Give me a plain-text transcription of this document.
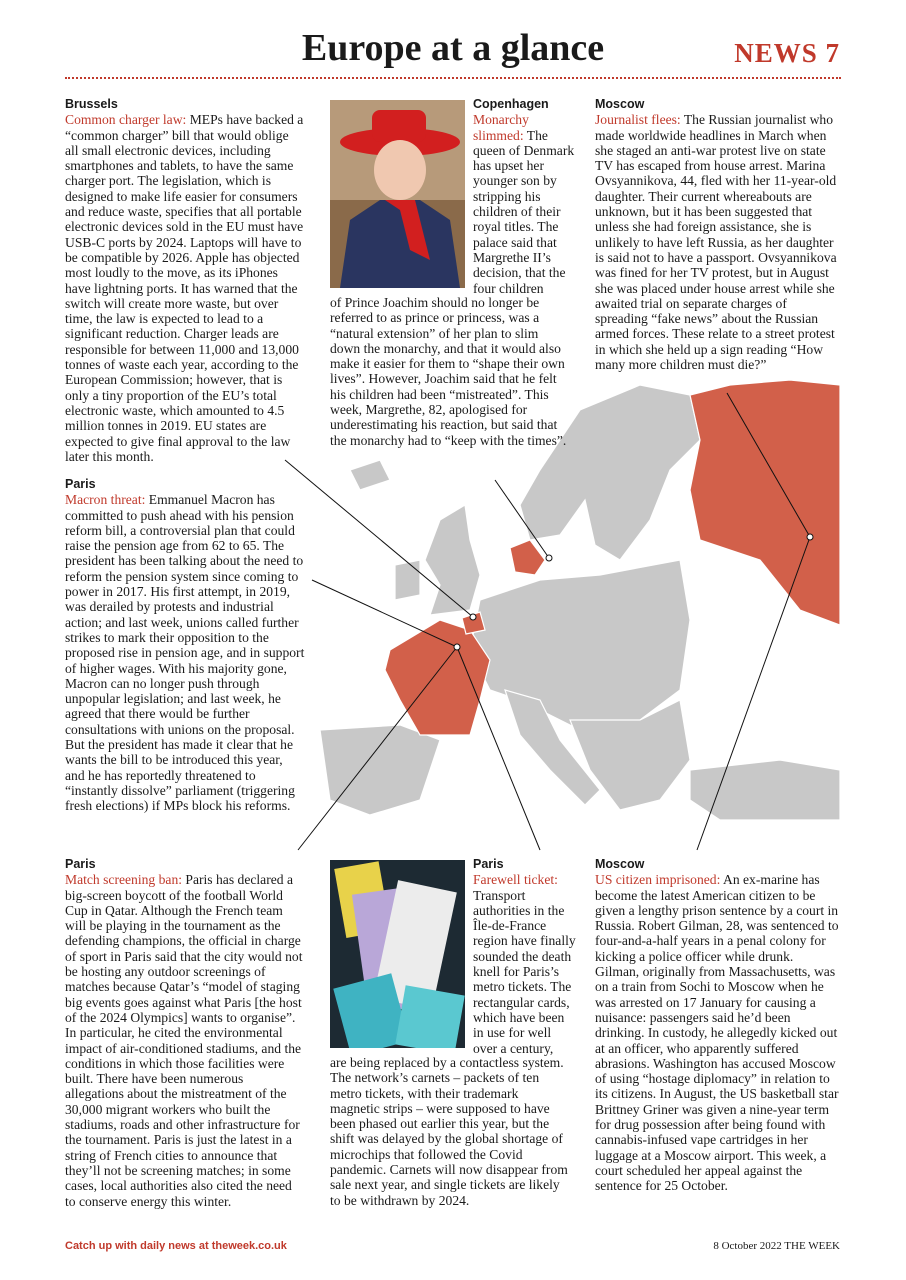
Europe at a glance	NEWS 7
Brussels
Common charger law: MEPs have backed a “common charger” bill that would oblige all small electronic devices, including smartphones and tablets, to have the same charger port. The legislation, which is designed to make life easier for consumers and reduce waste, specifies that all portable electronic devices sold in the EU must have USB-C ports by 2024. Laptops will have to be compatible by 2026. Apple has objected most loudly to the move, as its iPhones have lightning ports. It has warned that the switch will create more waste, but over time, the law is expected to lead to a significant reduction. Charger leads are responsible for between 11,000 and 13,000 tonnes of waste each year, according to the European Commission; however, that is only a tiny proportion of the EU’s total electronic waste, which amounted to 4.5 million tonnes in 2019. EU states are expected to give final approval to the law later this month.
Copenhagen
Monarchy slimmed: The queen of Denmark has upset her younger son by stripping his children of their royal titles. The palace said that Margrethe II’s decision, that the four children
of Prince Joachim should no longer be referred to as prince or princess, was a “natural extension” of her plan to slim down the monarchy, and that it would also make it easier for them to “shape their own lives”. However, Joachim said that he felt his children had been “mistreated”. This week, Margrethe, 82, apologised for underestimating his reaction, but said that the monarchy had to “keep with the times”.
Moscow
Journalist flees: The Russian journalist who made worldwide headlines in March when she staged an anti-war protest live on state TV has escaped from house arrest. Marina Ovsyannikova, 44, fled with her 11-year-old daughter. Their current whereabouts are unknown, but it has been suggested that unless she had foreign assistance, she is unlikely to have left Russia, as her daughter is said not to have a passport. Ovsyannikova was fined for her TV protest, but in August she was placed under house arrest while she awaited trial on separate charges of spreading “fake news” about the Russian armed forces. These relate to a street protest in which she held up a sign reading “How many more children must die?”
Paris
Macron threat: Emmanuel Macron has committed to push ahead with his pension reform bill, a controversial plan that could raise the pension age from 62 to 65. The president has been talking about the need to reform the pension system since coming to power in 2017. His first attempt, in 2019, was derailed by protests and industrial action; and last week, unions called further strikes to mark their opposition to the proposed rise in pension age, and in support of higher wages. With his majority gone, Macron can no longer push through unpopular legislation; and last week, he agreed that there would be further consultations with unions on the proposal. But the president has made it clear that he wants the bill to be introduced this year, and he has reportedly threatened to “instantly dissolve” parliament (triggering fresh elections) if MPs block his reforms.
Paris
Match screening ban: Paris has declared a big-screen boycott of the football World Cup in Qatar. Although the French team will be playing in the tournament as the defending champions, the official in charge of sport in Paris said that the city would not be hosting any outdoor screenings of matches because Qatar’s “model of staging big events goes against what Paris [the host of the 2024 Olympics] wants to organise”. In particular, he cited the environmental impact of air-conditioned stadiums, and the conditions in which those facilities were built. There have been numerous allegations about the mistreatment of the 30,000 migrant workers who built the stadiums, roads and other infrastructure for the tournament. Paris is just the latest in a string of French cities to announce that they’ll not be screening matches; in some cases, local authorities also cited the need to conserve energy this winter.
Paris
Farewell ticket: Transport authorities in the Île-de-France region have finally sounded the death knell for Paris’s metro tickets. The rectangular cards, which have been in use for well over a century,
are being replaced by a contactless system. The network’s carnets – packets of ten metro tickets, with their trademark magnetic strips – were supposed to have been phased out earlier this year, but the shift was delayed by the global shortage of microchips that followed the Covid pandemic. Carnets will now disappear from sale next year, and single tickets are likely to be withdrawn by 2024.
Moscow
US citizen imprisoned: An ex-marine has become the latest American citizen to be given a lengthy prison sentence by a court in Russia. Robert Gilman, 28, was sentenced to four-and-a-half years in a penal colony for kicking a police officer while drunk. Gilman, originally from Massachusetts, was on a train from Sochi to Moscow when he was arrested on 17 January for causing a nuisance: passengers said he’d been drinking. In custody, he allegedly kicked out at an officer, who apparently suffered abrasions. Washington has accused Moscow of using “hostage diplomacy” in relation to its citizens. In August, the US basketball star Brittney Griner was given a nine-year term for drug possession after being found with cannabis-infused vape cartridges in her luggage at a Moscow airport. This week, a court scheduled her appeal against the sentence for 25 October.
Catch up with daily news at theweek.co.uk	8 October 2022 THE WEEK
